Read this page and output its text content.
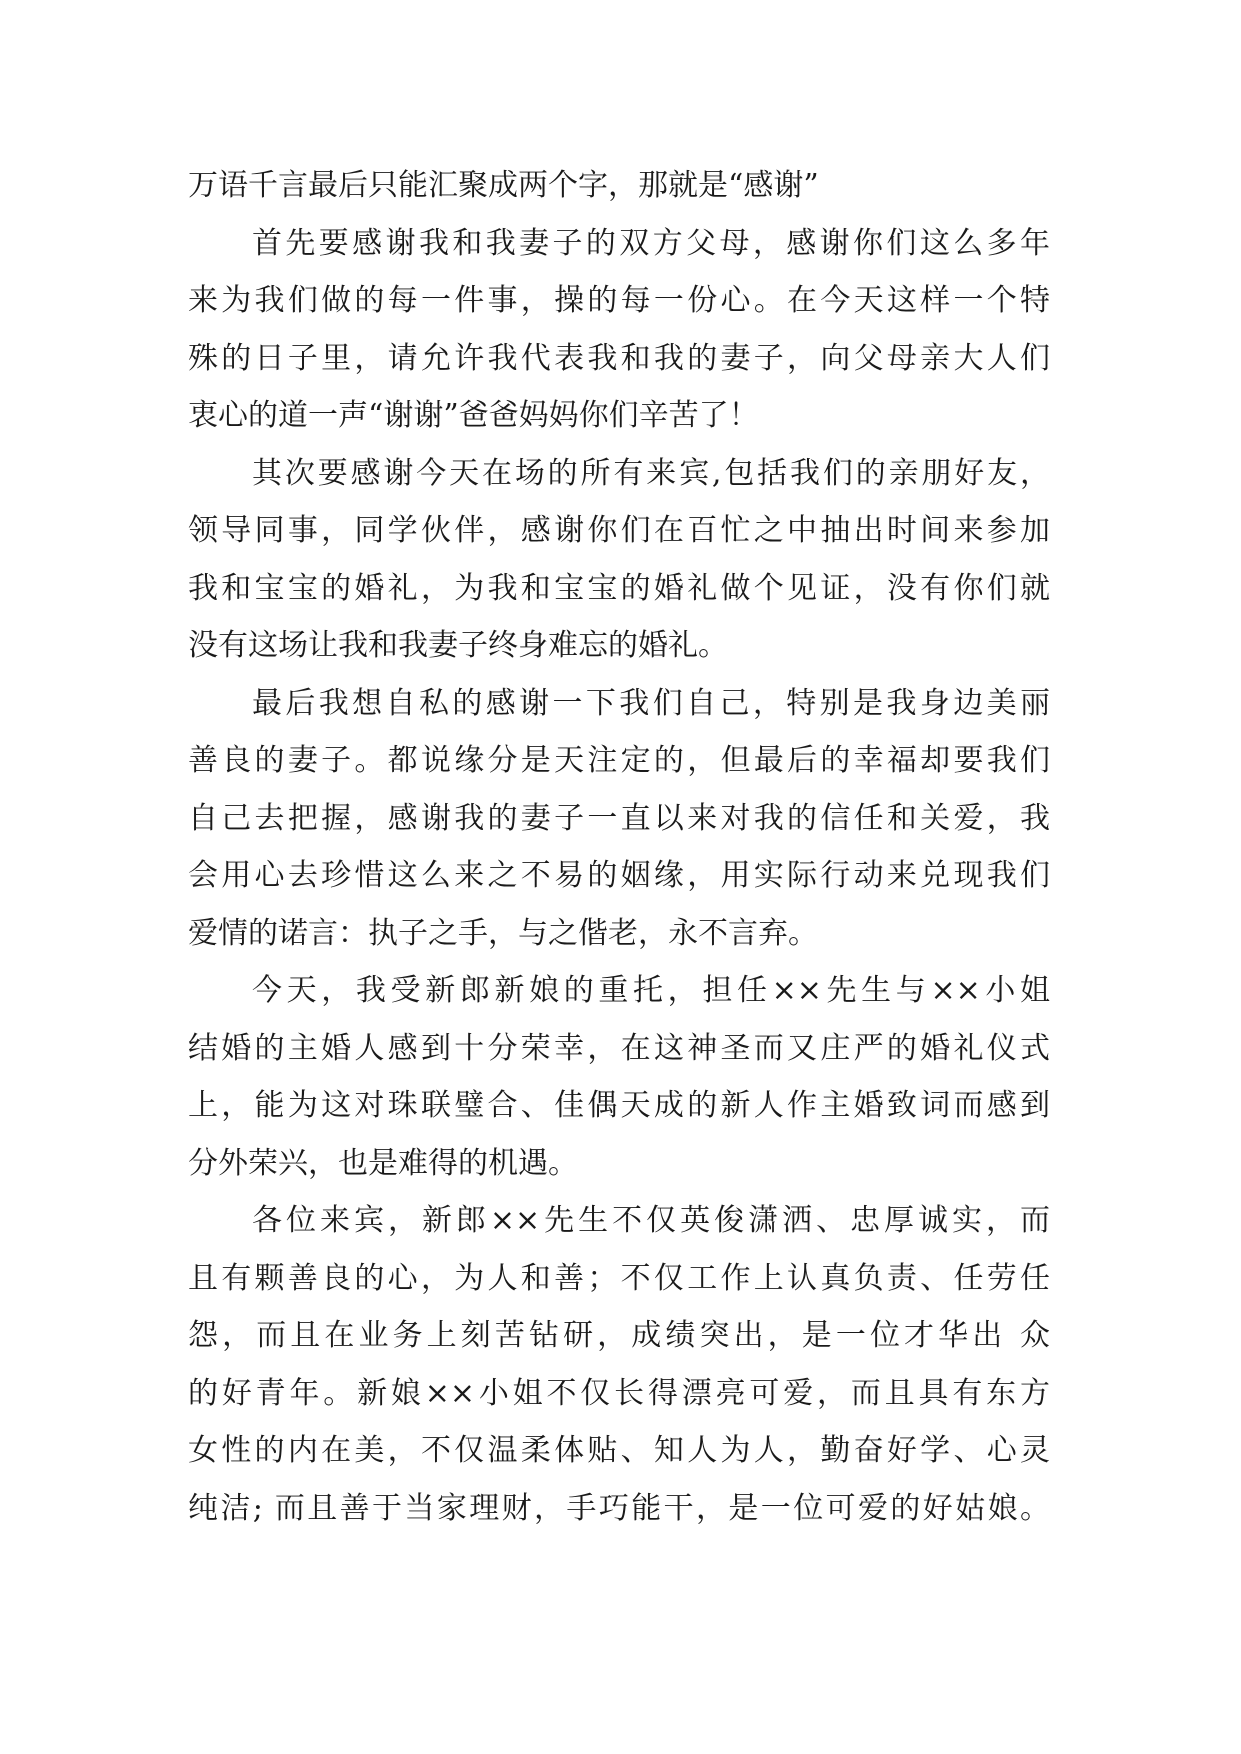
万语千言最后只能汇聚成两个字，那就是“感谢”
首先要感谢我和我妻子的双方父母，感谢你们这么多年
来为我们做的每一件事，操的每一份心。在今天这样一个特
殊的日子里，请允许我代表我和我的妻子，向父母亲大人们
衷心的道一声“谢谢”爸爸妈妈你们辛苦了！
其次要感谢今天在场的所有来宾,包括我们的亲朋好友，
领导同事，同学伙伴，感谢你们在百忙之中抽出时间来参加
我和宝宝的婚礼，为我和宝宝的婚礼做个见证，没有你们就
没有这场让我和我妻子终身难忘的婚礼。
最后我想自私的感谢一下我们自己，特别是我身边美丽
善良的妻子。都说缘分是天注定的，但最后的幸福却要我们
自己去把握，感谢我的妻子一直以来对我的信任和关爱，我
会用心去珍惜这么来之不易的姻缘，用实际行动来兑现我们
爱情的诺言：执子之手，与之偕老，永不言弃。
今天，我受新郎新娘的重托，担任××先生与××小姐
结婚的主婚人感到十分荣幸，在这神圣而又庄严的婚礼仪式
上，能为这对珠联璧合、佳偶天成的新人作主婚致词而感到
分外荣兴，也是难得的机遇。
各位来宾，新郎××先生不仅英俊潇洒、忠厚诚实，而
且有颗善良的心，为人和善；不仅工作上认真负责、任劳任
怨，而且在业务上刻苦钻研，成绩突出，是一位才华出 众
的好青年。新娘××小姐不仅长得漂亮可爱，而且具有东方
女性的内在美，不仅温柔体贴、知人为人，勤奋好学、心灵
纯洁; 而且善于当家理财，手巧能干，是一位可爱的好姑娘。
